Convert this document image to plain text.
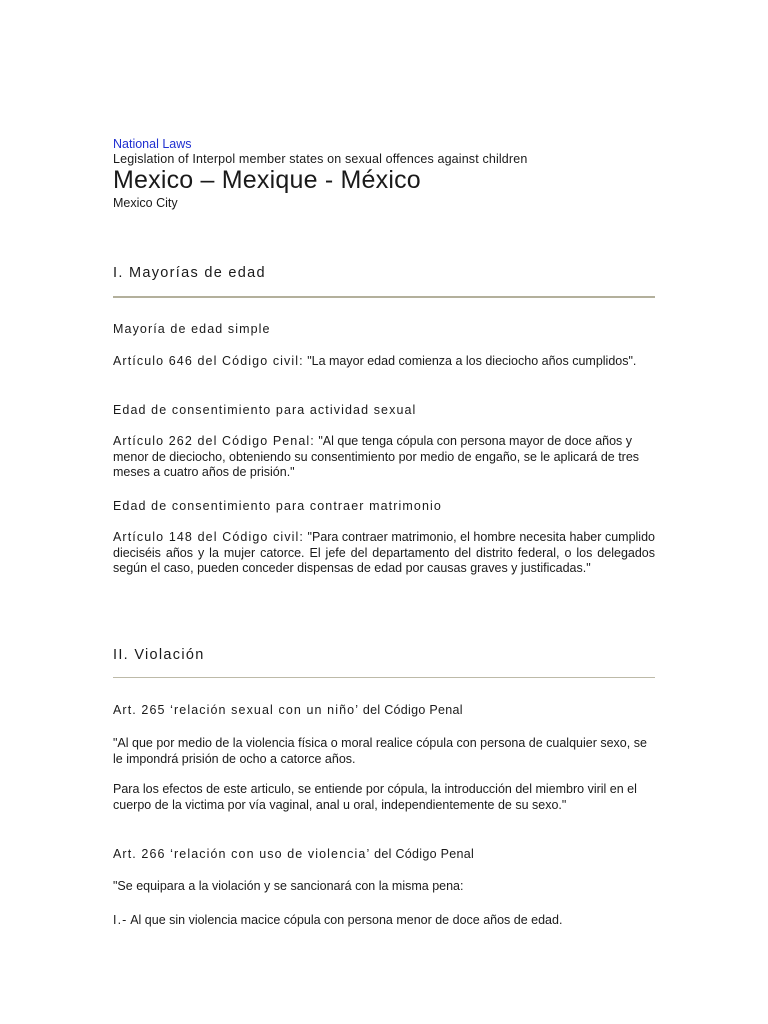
National Laws
Legislation of Interpol member states on sexual offences against children
Mexico – Mexique - México
Mexico City
I. Mayorías de edad
Mayoría de edad simple

Artículo 646 del Código civil: "La mayor edad comienza a los dieciocho años cumplidos".

Edad de consentimiento para actividad sexual

Artículo 262 del Código Penal: "Al que tenga cópula con persona mayor de doce años y menor de dieciocho, obteniendo su consentimiento por medio de engaño, se le aplicará de tres meses a cuatro años de prisión."

Edad de consentimiento para contraer matrimonio

Artículo 148 del Código civil: "Para contraer matrimonio, el hombre necesita haber cumplido dieciséis años y la mujer catorce. El jefe del departamento del distrito federal, o los delegados según el caso, pueden conceder dispensas de edad por causas graves y justificadas."

II. Violación
Art. 265 ‘relación sexual con un niño’ del Código Penal

"Al que por medio de la violencia física o moral realice cópula con persona de cualquier sexo, se le impondrá prisión de ocho a catorce años.

Para los efectos de este articulo, se entiende por cópula, la introducción del miembro viril en el cuerpo de la victima por vía vaginal, anal u oral, independientemente de su sexo."

Art. 266 ‘relación con uso de violencia’ del Código Penal

"Se equipara a la violación y se sancionará con la misma pena:

I.- Al que sin violencia macice cópula con persona menor de doce años de edad.
